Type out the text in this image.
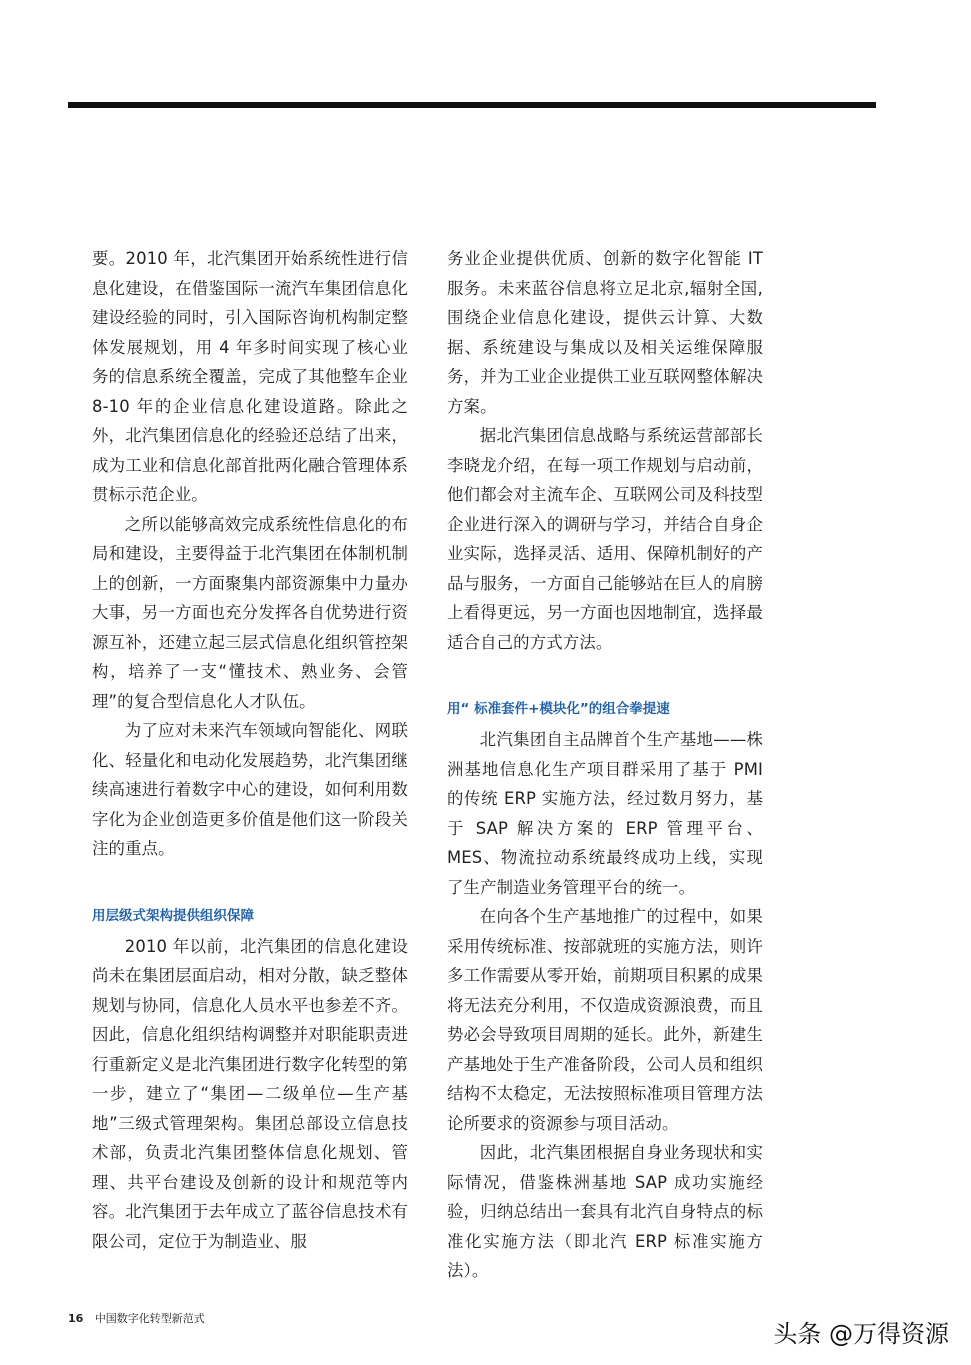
要。2010 年，北汽集团开始系统性进行信息化建设，在借鉴国际一流汽车集团信息化建设经验的同时，引入国际咨询机构制定整体发展规划，用 4 年多时间实现了核心业务的信息系统全覆盖，完成了其他整车企业 8-10 年的企业信息化建设道路。除此之外，北汽集团信息化的经验还总结了出来，成为工业和信息化部首批两化融合管理体系贯标示范企业。

之所以能够高效完成系统性信息化的布局和建设，主要得益于北汽集团在体制机制上的创新，一方面聚集内部资源集中力量办大事，另一方面也充分发挥各自优势进行资源互补，还建立起三层式信息化组织管控架构，培养了一支“懂技术、熟业务、会管理”的复合型信息化人才队伍。

为了应对未来汽车领域向智能化、网联化、轻量化和电动化发展趋势，北汽集团继续高速进行着数字中心的建设，如何利用数字化为企业创造更多价值是他们这一阶段关注的重点。

用层级式架构提供组织保障

2010 年以前，北汽集团的信息化建设尚未在集团层面启动，相对分散，缺乏整体规划与协同，信息化人员水平也参差不齐。因此，信息化组织结构调整并对职能职责进行重新定义是北汽集团进行数字化转型的第一步，建立了“集团—二级单位—生产基地”三级式管理架构。集团总部设立信息技术部，负责北汽集团整体信息化规划、管理、共平台建设及创新的设计和规范等内容。北汽集团于去年成立了蓝谷信息技术有限公司，定位于为制造业、服

务业企业提供优质、创新的数字化智能 IT 服务。未来蓝谷信息将立足北京,辐射全国,围绕企业信息化建设，提供云计算、大数据、系统建设与集成以及相关运维保障服务，并为工业企业提供工业互联网整体解决方案。

据北汽集团信息战略与系统运营部部长李晓龙介绍，在每一项工作规划与启动前，他们都会对主流车企、互联网公司及科技型企业进行深入的调研与学习，并结合自身企业实际，选择灵活、适用、保障机制好的产品与服务，一方面自己能够站在巨人的肩膀上看得更远，另一方面也因地制宜，选择最适合自己的方式方法。

用“ 标准套件+模块化”的组合拳提速

北汽集团自主品牌首个生产基地——株洲基地信息化生产项目群采用了基于 PMI 的传统 ERP 实施方法，经过数月努力，基于 SAP 解决方案的 ERP 管理平台、MES、物流拉动系统最终成功上线，实现了生产制造业务管理平台的统一。

在向各个生产基地推广的过程中，如果采用传统标准、按部就班的实施方法，则许多工作需要从零开始，前期项目积累的成果将无法充分利用，不仅造成资源浪费，而且势必会导致项目周期的延长。此外，新建生产基地处于生产准备阶段，公司人员和组织结构不太稳定，无法按照标准项目管理方法论所要求的资源参与项目活动。

因此，北汽集团根据自身业务现状和实际情况，借鉴株洲基地 SAP 成功实施经验，归纳总结出一套具有北汽自身特点的标准化实施方法（即北汽 ERP 标准实施方法）。

16 中国数字化转型新范式
头条 @万得资源
